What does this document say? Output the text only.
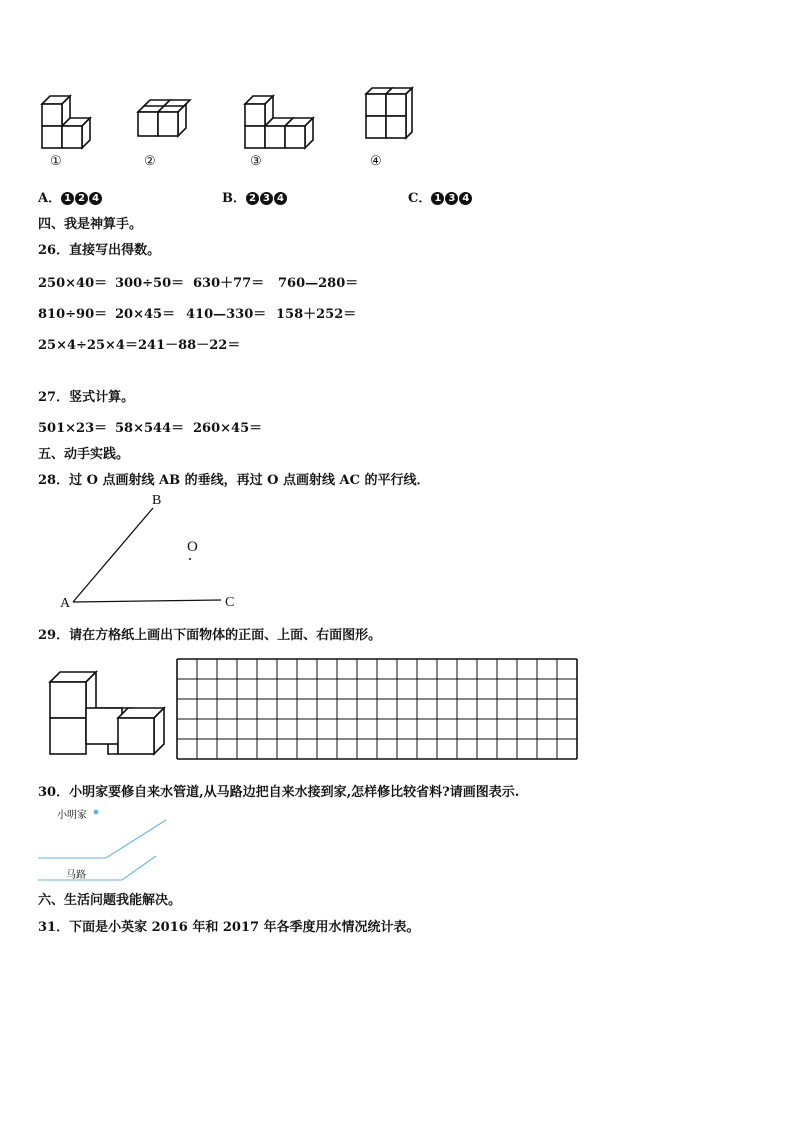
①	②	③	④
A． 1 2 4	B． 2 3 4	C． 1 3 4
四、我是神算手。
26．直接写出得数。
250×40＝ 300÷50＝ 630＋77＝ 760—280＝
810÷90＝ 20×45＝ 410—330＝ 158＋252＝
25×4÷25×4＝ 241－88－22＝
27．竖式计算。
501×23＝ 58×544＝ 260×45＝
五、动手实践。
28．过 O 点画射线 AB 的垂线，再过 O 点画射线 AC 的平行线．
A
B
C
O
29．请在方格纸上画出下面物体的正面、上面、右面图形。
30．小明家要修自来水管道,从马路边把自来水接到家,怎样修比较省料?请画图表示.
小明家
马路
六、生活问题我能解决。
31．下面是小英家 2016 年和 2017 年各季度用水情况统计表。
